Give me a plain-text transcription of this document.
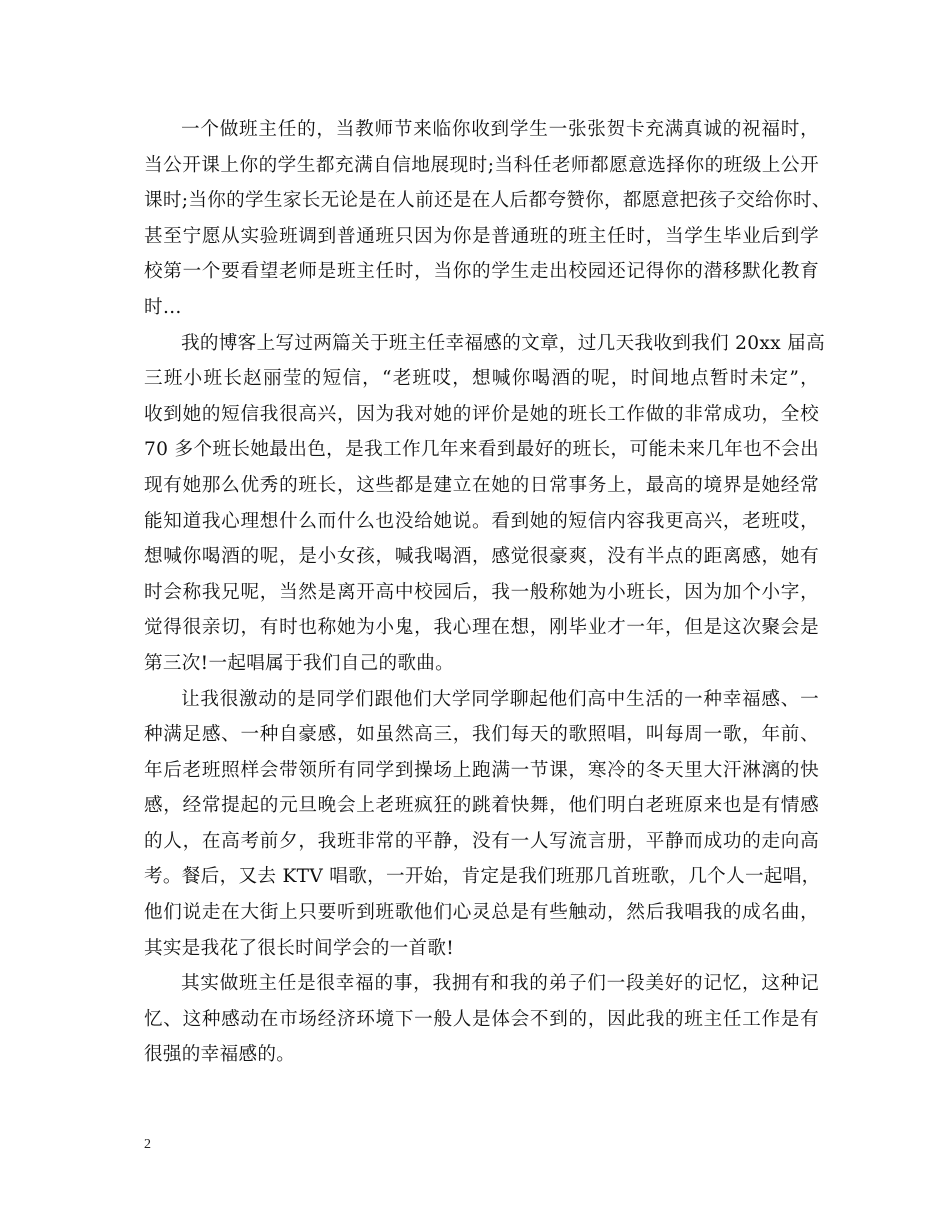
一个做班主任的，当教师节来临你收到学生一张张贺卡充满真诚的祝福时，
当公开课上你的学生都充满自信地展现时;当科任老师都愿意选择你的班级上公开
课时;当你的学生家长无论是在人前还是在人后都夸赞你，都愿意把孩子交给你时、
甚至宁愿从实验班调到普通班只因为你是普通班的班主任时，当学生毕业后到学
校第一个要看望老师是班主任时，当你的学生走出校园还记得你的潜移默化教育
时…

我的博客上写过两篇关于班主任幸福感的文章，过几天我收到我们 20xx 届高
三班小班长赵丽莹的短信，“老班哎，想喊你喝酒的呢，时间地点暂时未定”，
收到她的短信我很高兴，因为我对她的评价是她的班长工作做的非常成功，全校
70 多个班长她最出色，是我工作几年来看到最好的班长，可能未来几年也不会出
现有她那么优秀的班长，这些都是建立在她的日常事务上，最高的境界是她经常
能知道我心理想什么而什么也没给她说。看到她的短信内容我更高兴，老班哎，
想喊你喝酒的呢，是小女孩，喊我喝酒，感觉很豪爽，没有半点的距离感，她有
时会称我兄呢，当然是离开高中校园后，我一般称她为小班长，因为加个小字，
觉得很亲切，有时也称她为小鬼，我心理在想，刚毕业才一年，但是这次聚会是
第三次!一起唱属于我们自己的歌曲。

让我很激动的是同学们跟他们大学同学聊起他们高中生活的一种幸福感、一
种满足感、一种自豪感，如虽然高三，我们每天的歌照唱，叫每周一歌，年前、
年后老班照样会带领所有同学到操场上跑满一节课，寒冷的冬天里大汗淋漓的快
感，经常提起的元旦晚会上老班疯狂的跳着快舞，他们明白老班原来也是有情感
的人，在高考前夕，我班非常的平静，没有一人写流言册，平静而成功的走向高
考。餐后，又去 KTV 唱歌，一开始，肯定是我们班那几首班歌，几个人一起唱，
他们说走在大街上只要听到班歌他们心灵总是有些触动，然后我唱我的成名曲，
其实是我花了很长时间学会的一首歌!

其实做班主任是很幸福的事，我拥有和我的弟子们一段美好的记忆，这种记
忆、这种感动在市场经济环境下一般人是体会不到的，因此我的班主任工作是有
很强的幸福感的。

2
